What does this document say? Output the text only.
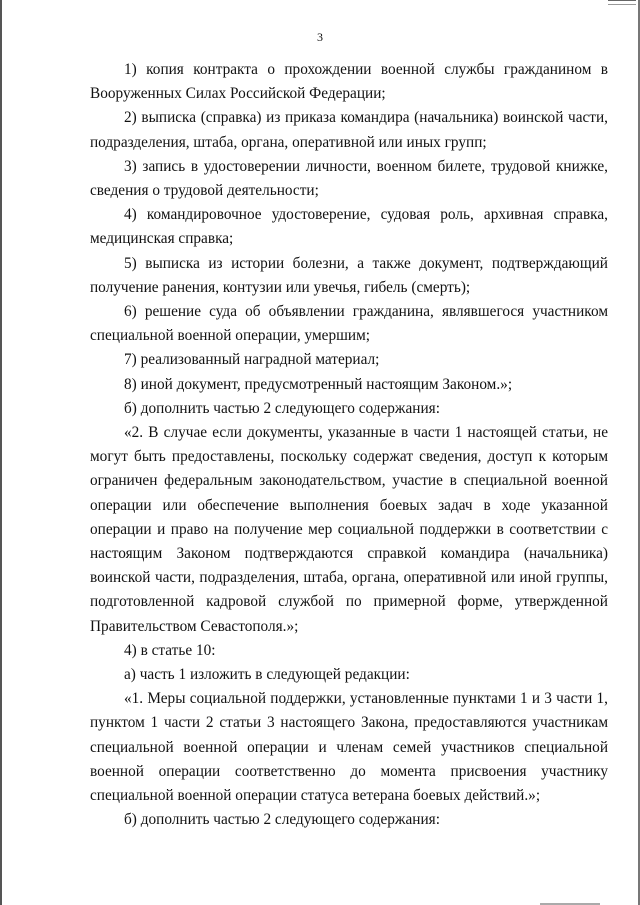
3

1) копия контракта о прохождении военной службы гражданином в Вооруженных Силах Российской Федерации;

2) выписка (справка) из приказа командира (начальника) воинской части, подразделения, штаба, органа, оперативной или иных групп;

3) запись в удостоверении личности, военном билете, трудовой книжке, сведения о трудовой деятельности;

4) командировочное удостоверение, судовая роль, архивная справка, медицинская справка;

5) выписка из истории болезни, а также документ, подтверждающий получение ранения, контузии или увечья, гибель (смерть);

6) решение суда об объявлении гражданина, являвшегося участником специальной военной операции, умершим;

7) реализованный наградной материал;

8) иной документ, предусмотренный настоящим Законом.»;

б) дополнить частью 2 следующего содержания:

«2. В случае если документы, указанные в части 1 настоящей статьи, не могут быть предоставлены, поскольку содержат сведения, доступ к которым ограничен федеральным законодательством, участие в специальной военной операции или обеспечение выполнения боевых задач в ходе указанной операции и право на получение мер социальной поддержки в соответствии с настоящим Законом подтверждаются справкой командира (начальника) воинской части, подразделения, штаба, органа, оперативной или иной группы, подготовленной кадровой службой по примерной форме, утвержденной Правительством Севастополя.»;

4) в статье 10:

а) часть 1 изложить в следующей редакции:

«1. Меры социальной поддержки, установленные пунктами 1 и 3 части 1, пунктом 1 части 2 статьи 3 настоящего Закона, предоставляются участникам специальной военной операции и членам семей участников специальной военной операции соответственно до момента присвоения участнику специальной военной операции статуса ветерана боевых действий.»;

б) дополнить частью 2 следующего содержания:
